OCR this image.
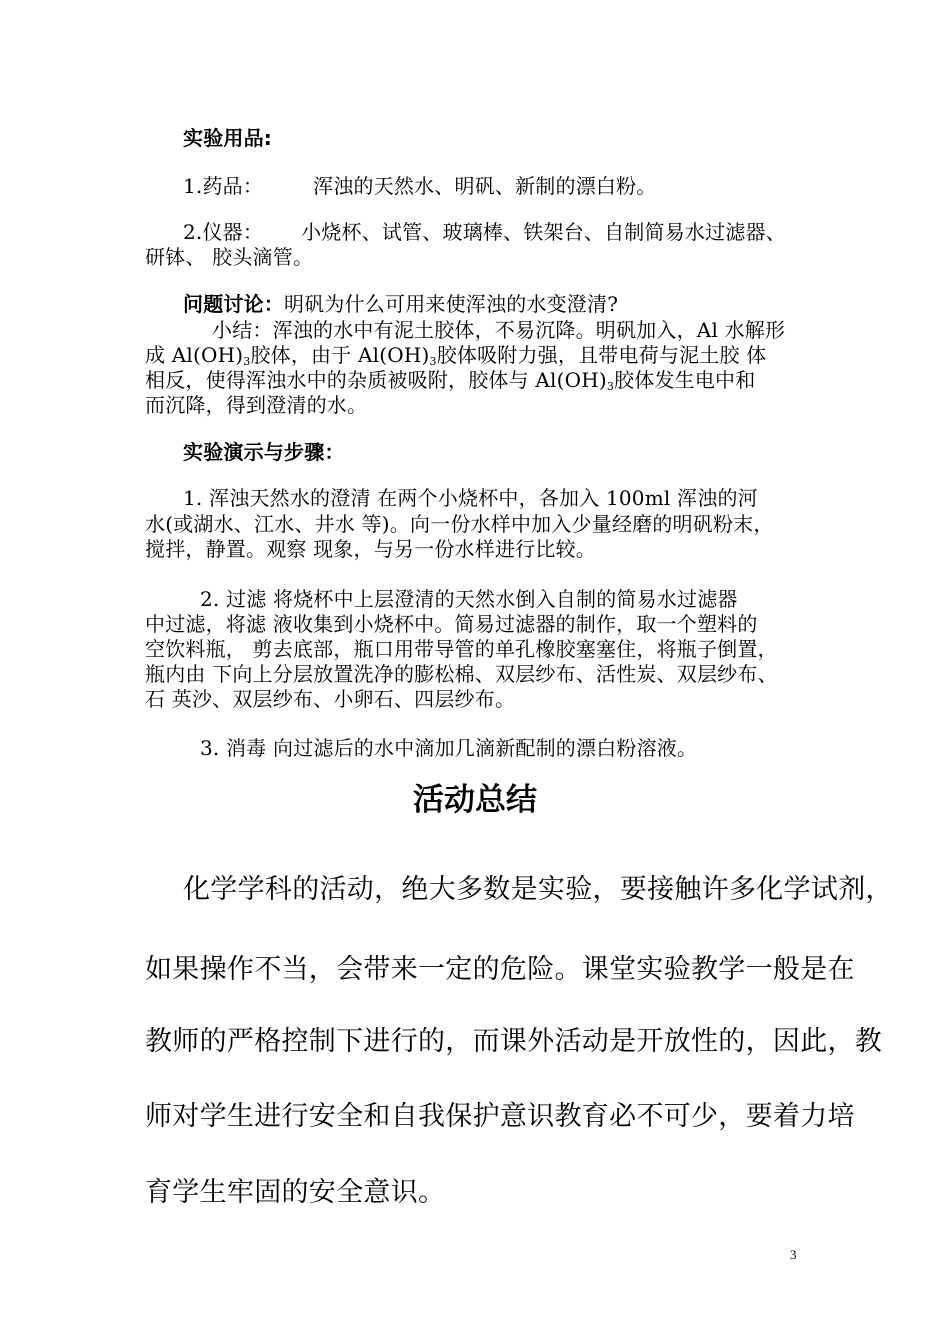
实验用品:
1.药品：	浑浊的天然水、明矾、新制的漂白粉。
2.仪器： 小烧杯、试管、玻璃棒、铁架台、自制简易水过滤器、
研钵、 胶头滴管。
问题讨论：明矾为什么可用来使浑浊的水变澄清?
小结：浑浊的水中有泥土胶体，不易沉降。明矾加入，Al 水解形
成 $Al(OH)_3$胶体，由于 $Al(OH)_3$胶体吸附力强，且带电荷与泥土胶 体
相反，使得浑浊水中的杂质被吸附，胶体与 $Al(OH)_3$胶体发生电中和
而沉降，得到澄清的水。
实验演示与步骤：
1. 浑浊天然水的澄清 在两个小烧杯中，各加入 100ml 浑浊的河
水(或湖水、江水、井水 等)。向一份水样中加入少量经磨的明矾粉末，
搅拌，静置。观察 现象，与另一份水样进行比较。
2. 过滤 将烧杯中上层澄清的天然水倒入自制的简易水过滤器
中过滤，将滤 液收集到小烧杯中。简易过滤器的制作，取一个塑料的
空饮料瓶， 剪去底部，瓶口用带导管的单孔橡胶塞塞住，将瓶子倒置，
瓶内由 下向上分层放置洗净的膨松棉、双层纱布、活性炭、双层纱布、
石 英沙、双层纱布、小卵石、四层纱布。
3. 消毒 向过滤后的水中滴加几滴新配制的漂白粉溶液。
活动总结
化学学科的活动，绝大多数是实验，要接触许多化学试剂，
如果操作不当，会带来一定的危险。课堂实验教学一般是在
教师的严格控制下进行的，而课外活动是开放性的，因此，教
师对学生进行安全和自我保护意识教育必不可少，要着力培
育学生牢固的安全意识。
3
